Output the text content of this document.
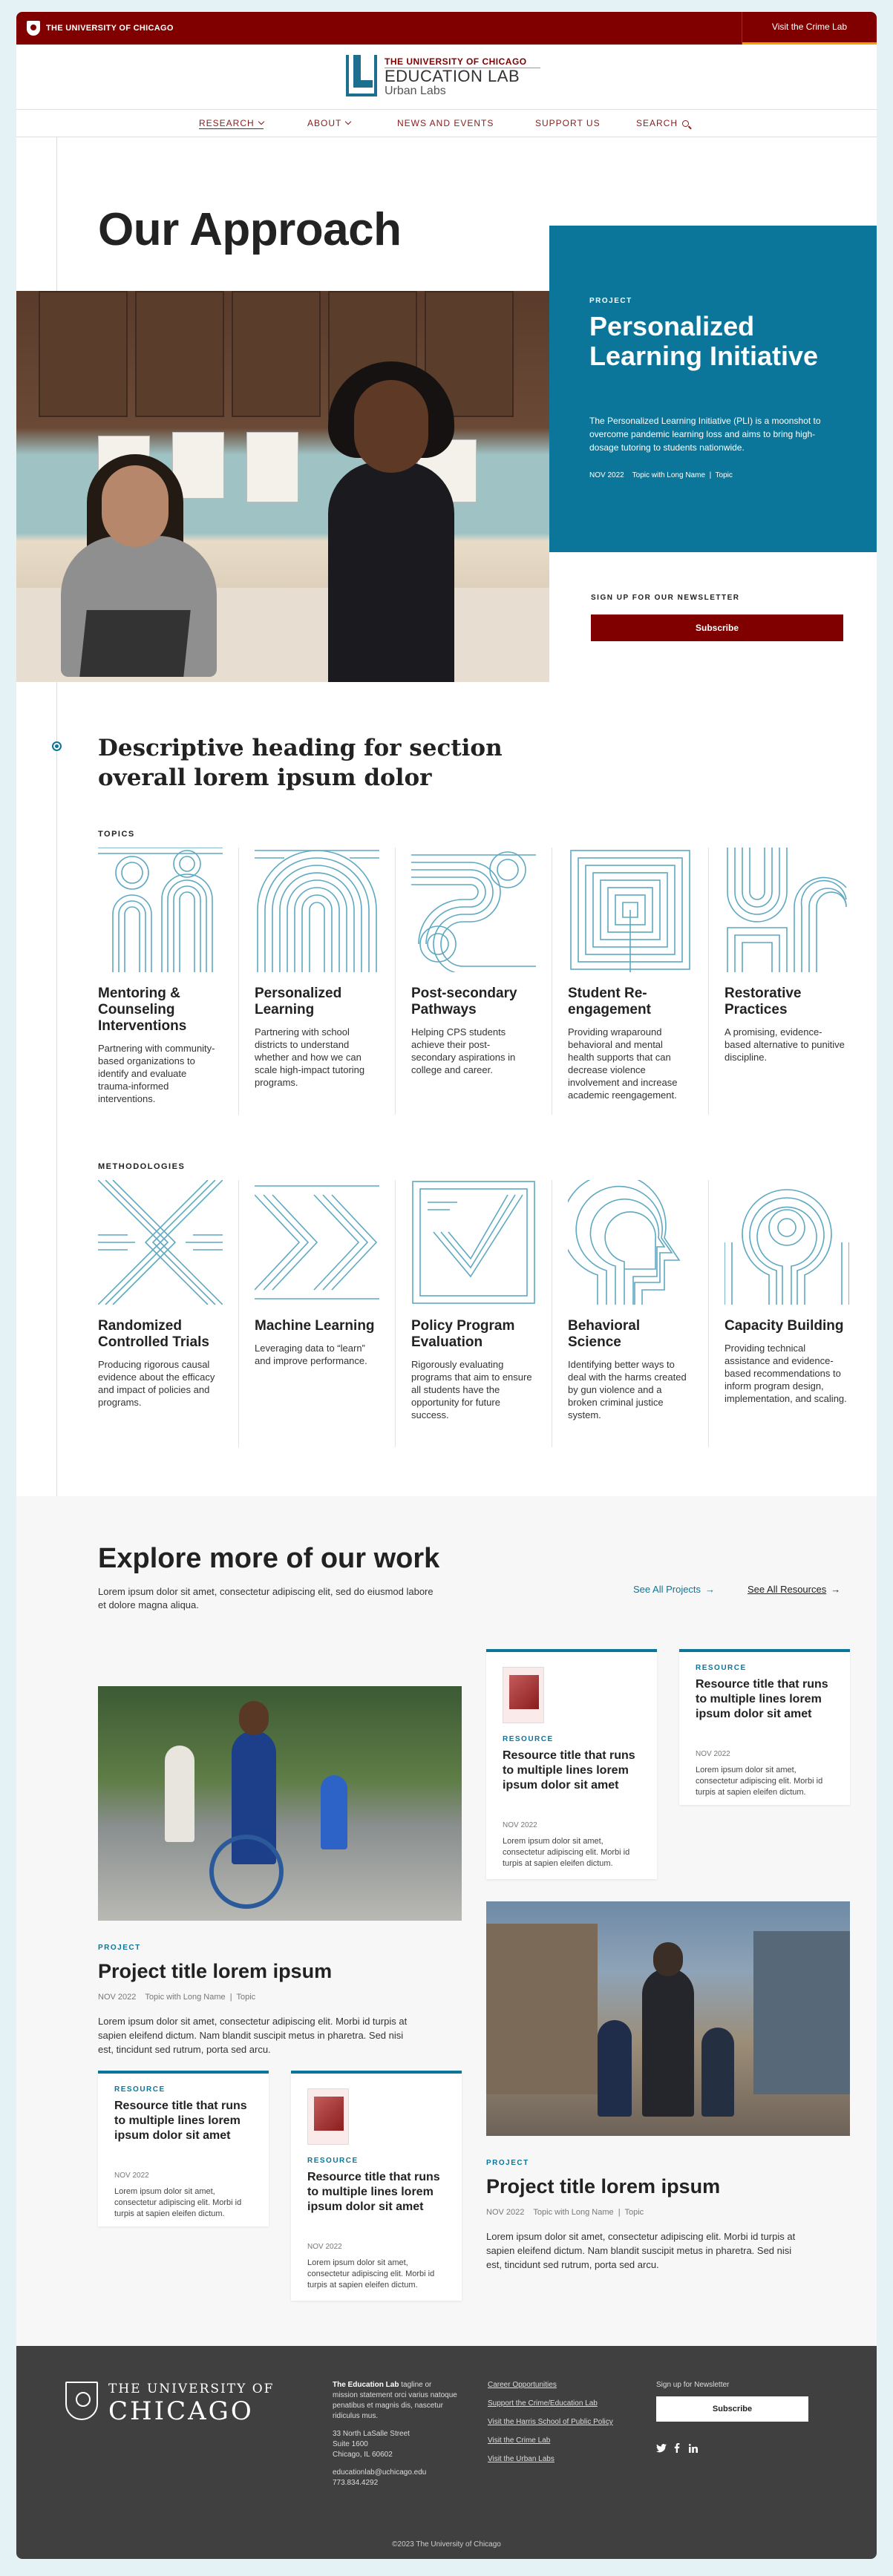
THE UNIVERSITY OF CHICAGO	Visit the Crime Lab
THE UNIVERSITY OF CHICAGO
EDUCATION LAB
Urban Labs
RESEARCH	ABOUT	NEWS AND EVENTS	SUPPORT US	SEARCH
Our Approach
PROJECT
Personalized Learning Initiative
The Personalized Learning Initiative (PLI) is a moonshot to overcome pandemic learning loss and aims to bring high-dosage tutoring to students nationwide.
NOV 2022    Topic with Long Name  |  Topic
SIGN UP FOR OUR NEWSLETTER
Subscribe
Descriptive heading for section overall lorem ipsum dolor
TOPICS
Mentoring & Counseling Interventions
Partnering with community-based organizations to identify and evaluate trauma-informed interventions.
Personalized Learning
Partnering with school districts to understand whether and how we can scale high-impact tutoring programs.
Post-secondary Pathways
Helping CPS students achieve their post-secondary aspirations in college and career.
Student Re-engagement
Providing wraparound behavioral and mental health supports that can decrease violence involvement and increase academic reengagement.
Restorative Practices
A promising, evidence-based alternative to punitive discipline.
METHODOLOGIES
Randomized Controlled Trials
Producing rigorous causal evidence about the efficacy and impact of policies and programs.
Machine Learning
Leveraging data to “learn” and improve performance.
Policy Program Evaluation
Rigorously evaluating programs that aim to ensure all students have the opportunity for future success.
Behavioral Science
Identifying better ways to deal with the harms created by gun violence and a broken criminal justice system.
Capacity Building
Providing technical assistance and evidence-based recommendations to inform program design, implementation, and scaling.
Explore more of our work
Lorem ipsum dolor sit amet, consectetur adipiscing elit, sed do eiusmod labore et dolore magna aliqua.
See All Projects →	See All Resources →
PROJECT
Project title lorem ipsum
NOV 2022    Topic with Long Name  |  Topic
Lorem ipsum dolor sit amet, consectetur adipiscing elit. Morbi id turpis at sapien eleifend dictum. Nam blandit suscipit metus in pharetra. Sed nisi est, tincidunt sed rutrum, porta sed arcu.
PROJECT
Project title lorem ipsum
NOV 2022    Topic with Long Name  |  Topic
Lorem ipsum dolor sit amet, consectetur adipiscing elit. Morbi id turpis at sapien eleifend dictum. Nam blandit suscipit metus in pharetra. Sed nisi est, tincidunt sed rutrum, porta sed arcu.
RESOURCE
Resource title that runs to multiple lines lorem ipsum dolor sit amet
NOV 2022
Lorem ipsum dolor sit amet, consectetur adipiscing elit. Morbi id turpis at sapien eleifen dictum.
RESOURCE
Resource title that runs to multiple lines lorem ipsum dolor sit amet
NOV 2022
Lorem ipsum dolor sit amet, consectetur adipiscing elit. Morbi id turpis at sapien eleifen dictum.
RESOURCE
Resource title that runs to multiple lines lorem ipsum dolor sit amet
NOV 2022
Lorem ipsum dolor sit amet, consectetur adipiscing elit. Morbi id turpis at sapien eleifen dictum.
RESOURCE
Resource title that runs to multiple lines lorem ipsum dolor sit amet
NOV 2022
Lorem ipsum dolor sit amet, consectetur adipiscing elit. Morbi id turpis at sapien eleifen dictum.
THE UNIVERSITY OF
CHICAGO
The Education Lab tagline or mission statement orci varius natoque penatibus et magnis dis, nascetur ridiculus mus.
33 North LaSalle Street
Suite 1600
Chicago, IL 60602
educationlab@uchicago.edu
773.834.4292
Career Opportunities
Support the Crime/Education Lab
Visit the Harris School of Public Policy
Visit the Crime Lab
Visit the Urban Labs
Sign up for Newsletter
Subscribe
©2023 The University of Chicago
